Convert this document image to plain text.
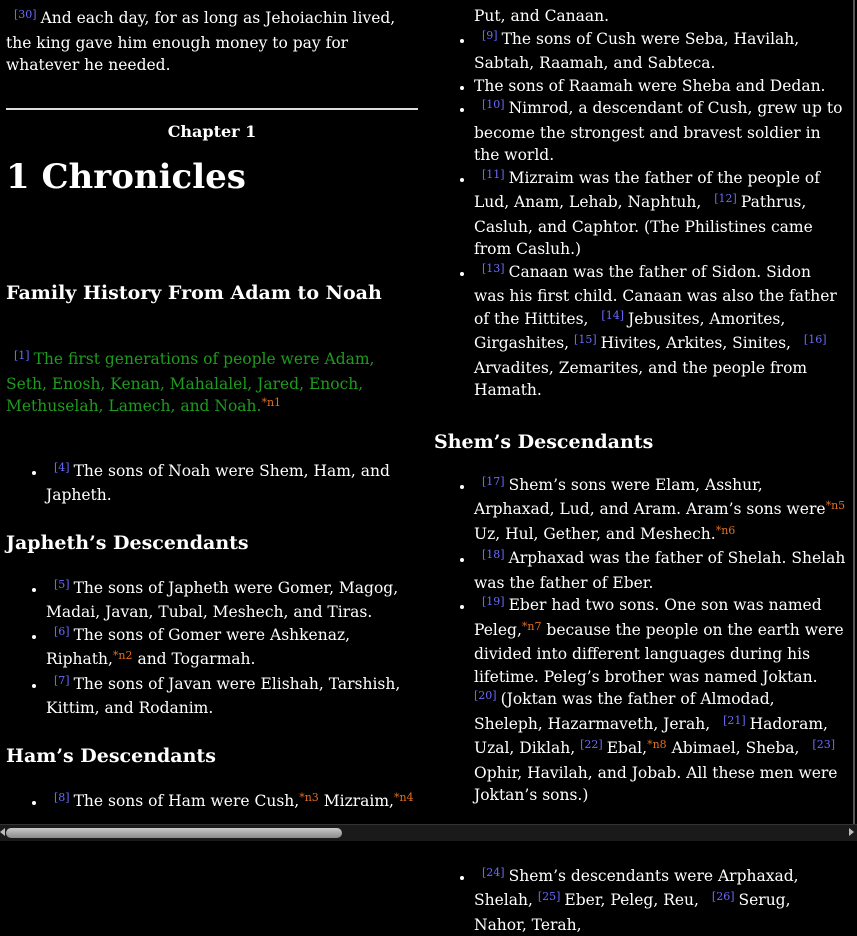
[30] And each day, for as long as Jehoiachin lived, the king gave him enough money to pay for whatever he needed.

Chapter 1
1 Chronicles
Family History From Adam to Noah

[1] The first generations of people were Adam, Seth, Enosh, Kenan, Mahalalel, Jared, Enoch, Methuselah, Lamech, and Noah.$^{*n1}$

• [4] The sons of Noah were Shem, Ham, and Japheth.
Japheth’s Descendants
• [5] The sons of Japheth were Gomer, Magog, Madai, Javan, Tubal, Meshech, and Tiras.
• [6] The sons of Gomer were Ashkenaz, Riphath,$^{*n2}$ and Togarmah.
• [7] The sons of Javan were Elishah, Tarshish, Kittim, and Rodanim.
Ham’s Descendants
• [8] The sons of Ham were Cush,$^{*n3}$ Mizraim,$^{*n4}$
Put, and Canaan.
• [9] The sons of Cush were Seba, Havilah, Sabtah, Raamah, and Sabteca.
• The sons of Raamah were Sheba and Dedan.
• [10] Nimrod, a descendant of Cush, grew up to become the strongest and bravest soldier in the world.
• [11] Mizraim was the father of the people of Lud, Anam, Lehab, Naphtuh, [12] Pathrus, Casluh, and Caphtor. (The Philistines came from Casluh.)
• [13] Canaan was the father of Sidon. Sidon was his first child. Canaan was also the father of the Hittites, [14] Jebusites, Amorites, Girgashites, [15] Hivites, Arkites, Sinites, [16]Arvadites, Zemarites, and the people from Hamath.
Shem’s Descendants
• [17] Shem’s sons were Elam, Asshur, Arphaxad, Lud, and Aram. Aram’s sons were$^{*n5}$ Uz, Hul, Gether, and Meshech.$^{*n6}$
• [18] Arphaxad was the father of Shelah. Shelah was the father of Eber.
• [19] Eber had two sons. One son was named Peleg,$^{*n7}$ because the people on the earth were divided into different languages during his lifetime. Peleg’s brother was named Joktan.
[20] (Joktan was the father of Almodad, Sheleph, Hazarmaveth, Jerah, [21] Hadoram, Uzal, Diklah, [22] Ebal,$^{*n8}$ Abimael, Sheba, [23]Ophir, Havilah, and Jobab. All these men were Joktan’s sons.)
• [24] Shem’s descendants were Arphaxad, Shelah, [25] Eber, Peleg, Reu, [26] Serug, Nahor, Terah,
